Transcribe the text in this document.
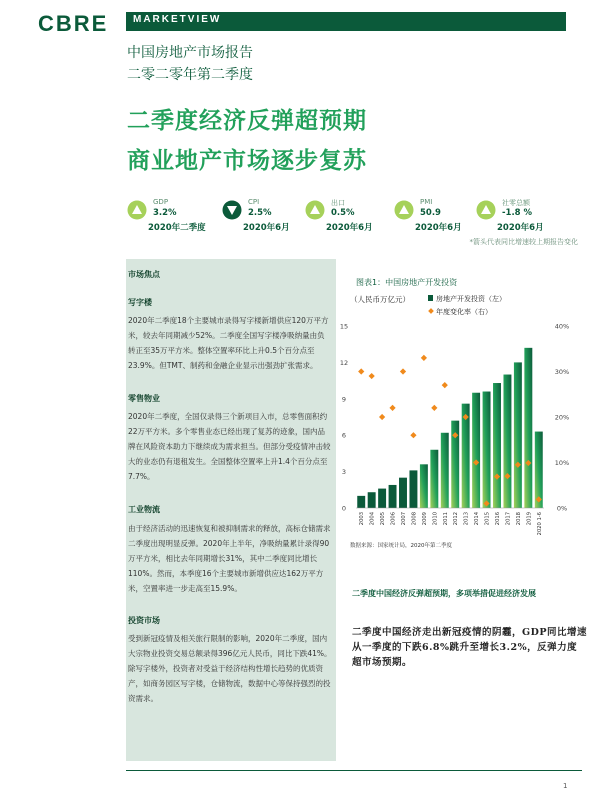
CBRE MARKETVIEW
中国房地产市场报告
二零二零年第二季度
二季度经济反弹超预期
商业地产市场逐步复苏
GDP
3.2%
2020年二季度
CPI
2.5%
2020年6月
出口
0.5%
2020年6月
PMI
50.9
2020年6月
社零总额
-1.8 %
2020年6月
*箭头代表同比增速较上期报告变化
市场焦点
写字楼
2020年二季度18个主要城市录得写字楼新增供应120万平方米，较去年同期减少52%。二季度全国写字楼净吸纳量由负转正至35万平方米。整体空置率环比上升0.5个百分点至23.9%。但TMT、制药和金融企业显示出强劲扩张需求。
零售物业
2020年二季度，全国仅录得三个新项目入市，总零售面积约22万平方米。多个零售业态已经出现了复苏的迹象，国内品牌在风险资本助力下继续成为需求担当。但部分受疫情冲击较大的业态仍有退租发生。全国整体空置率上升1.4个百分点至7.7%。
工业物流
由于经济活动的迅速恢复和被抑制需求的释放，高标仓储需求二季度出现明显反弹。2020年上半年，净吸纳量累计录得90万平方米，相比去年同期增长31%，其中二季度同比增长110%。然而，本季度16个主要城市新增供应达162万平方米，空置率进一步走高至15.9%。
投资市场
受到新冠疫情及相关旅行限制的影响，2020年二季度，国内大宗物业投资交易总额录得396亿元人民币，同比下跌41%。除写字楼外，投资者对受益于经济结构性增长趋势的优质资产，如商务园区写字楼，仓储物流，数据中心等保持强烈的投资需求。
图表1：中国房地产开发投资
（人民币万亿元）	房地产开发投资（左）
年度变化率（右）
0
3
6
9
12
15
0%
10%
20%
30%
40%
2003 2004 2005 2006 2007 2008 2009 2010 2011 2012 2013 2014 2015 2016 2017 2018 2019 2020 1-6
数据来源：国家统计局，2020年第二季度
二季度中国经济反弹超预期，多项举措促进经济发展
二季度中国经济走出新冠疫情的阴霾，GDP同比增速从一季度的下跌6.8%跳升至增长3.2%，反弹力度超市场预期。
1
